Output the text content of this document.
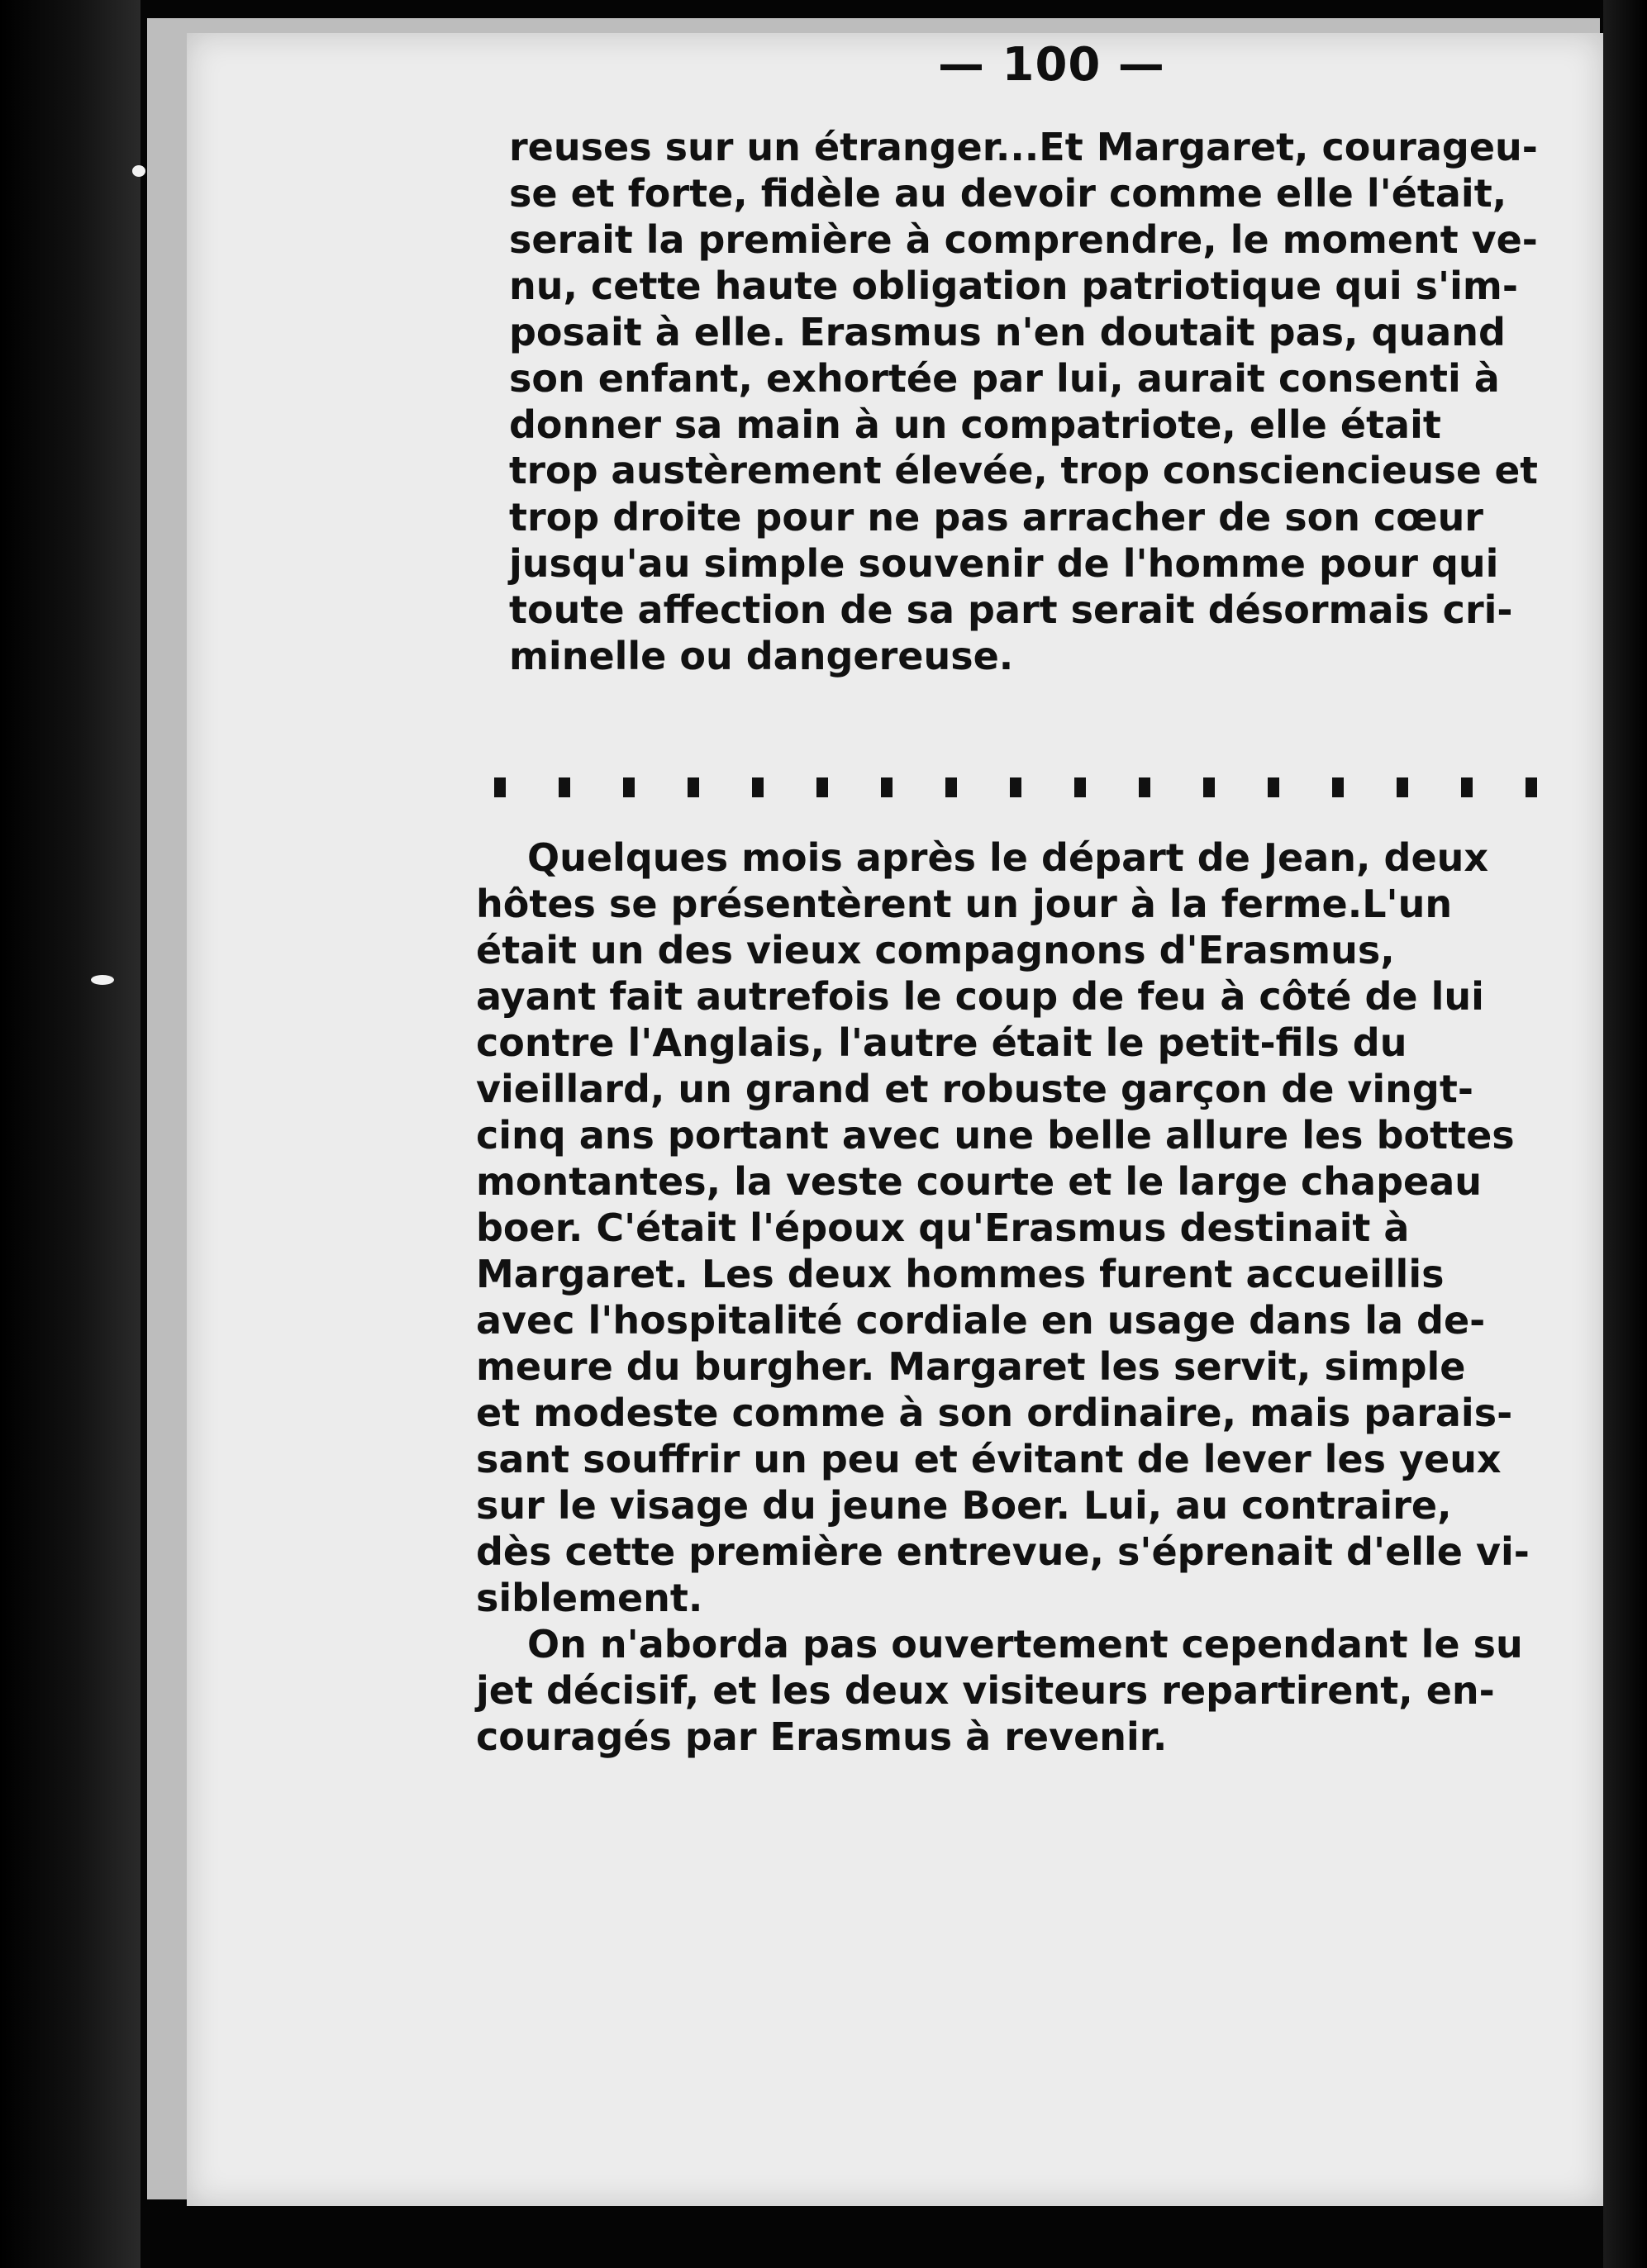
— 100 —
reuses sur un étranger...Et Margaret, courageu-
se et forte, fidèle au devoir comme elle l'était,
serait la première à comprendre, le moment ve-
nu, cette haute obligation patriotique qui s'im-
posait à elle. Erasmus n'en doutait pas, quand
son enfant, exhortée par lui, aurait consenti à
donner sa main à un compatriote, elle était
trop austèrement élevée, trop consciencieuse et
trop droite pour ne pas arracher de son cœur
jusqu'au simple souvenir de l'homme pour qui
toute affection de sa part serait désormais cri-
minelle ou dangereuse.
Quelques mois après le départ de Jean, deux
hôtes se présentèrent un jour à la ferme.L'un
était un des vieux compagnons d'Erasmus,
ayant fait autrefois le coup de feu à côté de lui
contre l'Anglais, l'autre était le petit-fils du
vieillard, un grand et robuste garçon de vingt-
cinq ans portant avec une belle allure les bottes
montantes, la veste courte et le large chapeau
boer. C'était l'époux qu'Erasmus destinait à
Margaret. Les deux hommes furent accueillis
avec l'hospitalité cordiale en usage dans la de-
meure du burgher. Margaret les servit, simple
et modeste comme à son ordinaire, mais parais-
sant souffrir un peu et évitant de lever les yeux
sur le visage du jeune Boer. Lui, au contraire,
dès cette première entrevue, s'éprenait d'elle vi-
siblement.
On n'aborda pas ouvertement cependant le su
jet décisif, et les deux visiteurs repartirent, en-
couragés par Erasmus à revenir.
